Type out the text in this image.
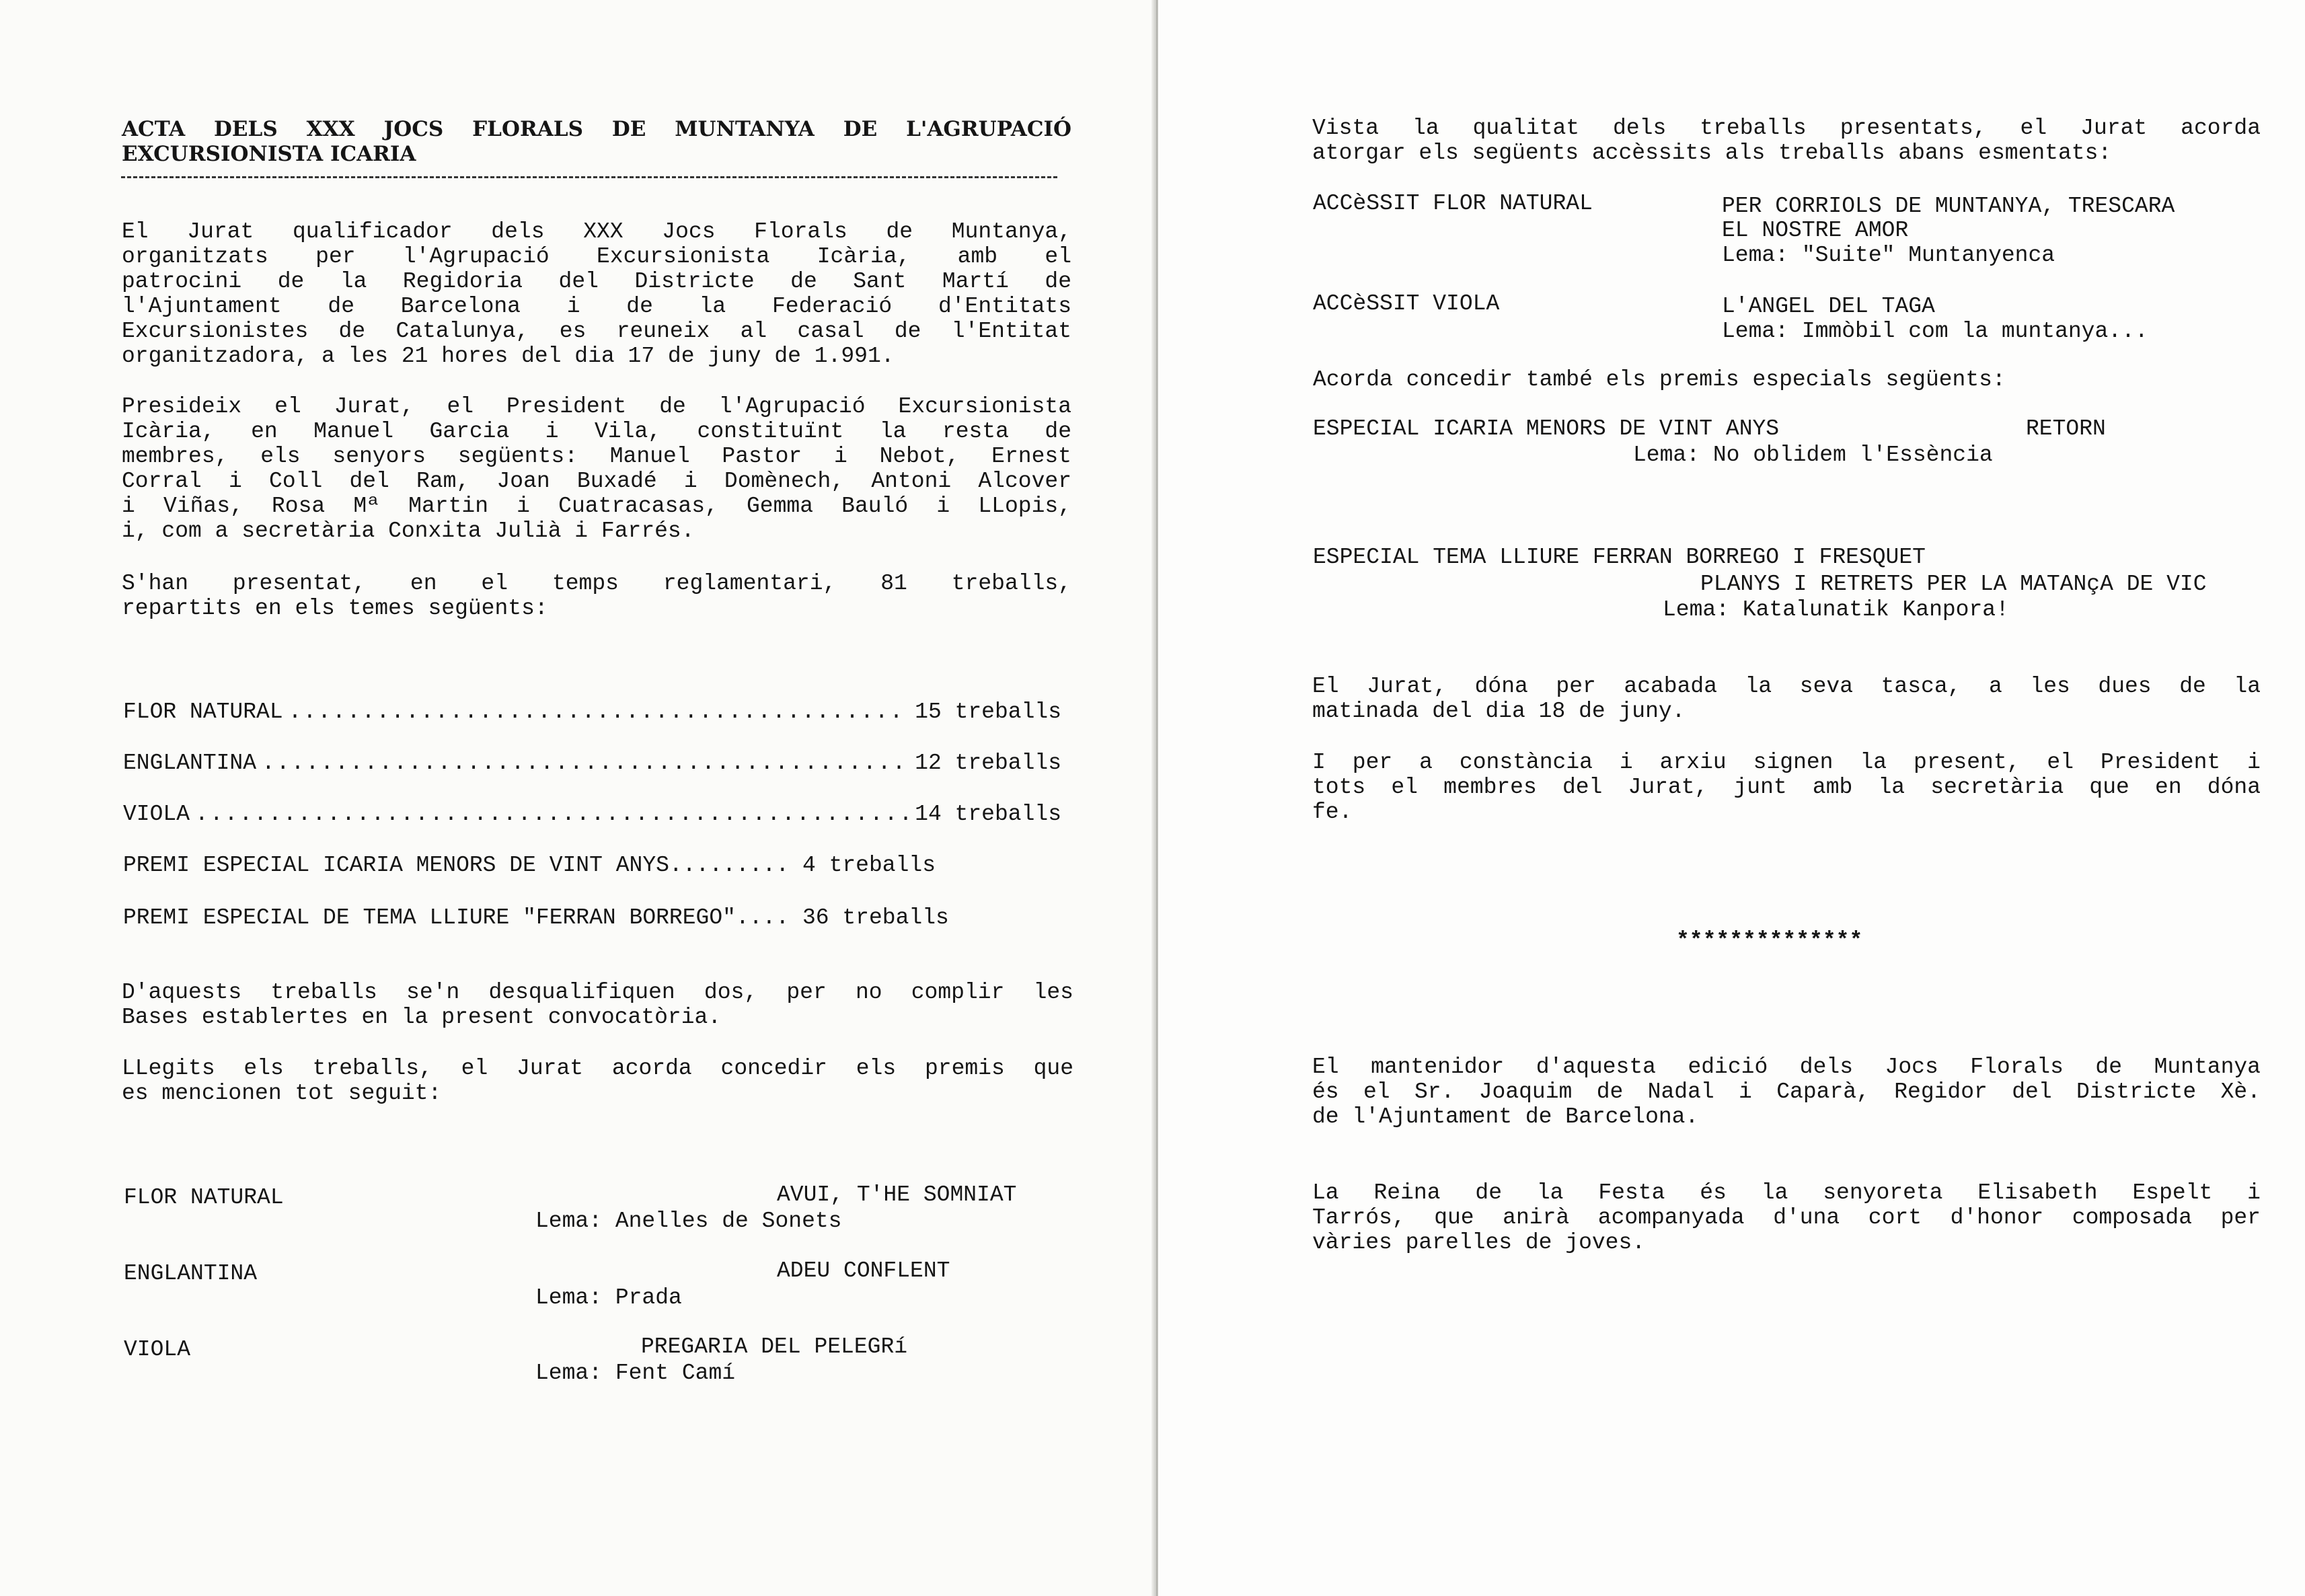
ACTA DELS XXX JOCS FLORALS DE MUNTANYA DE L'AGRUPACIÓ
EXCURSIONISTA ICARIA
El Jurat qualificador dels XXX Jocs Florals de Muntanya,
organitzats per l'Agrupació Excursionista Icària, amb el
patrocini de la Regidoria del Districte de Sant Martí de
l'Ajuntament de Barcelona i de la Federació d'Entitats
Excursionistes de Catalunya, es reuneix al casal de l'Entitat
organitzadora, a les 21 hores del dia 17 de juny de 1.991.
Presideix el Jurat, el President de l'Agrupació Excursionista
Icària, en Manuel Garcia i Vila, constituïnt la resta de
membres, els senyors següents: Manuel Pastor i Nebot, Ernest
Corral i Coll del Ram, Joan Buxadé i Domènech, Antoni Alcover
i Viñas, Rosa Mª Martin i Cuatracasas, Gemma Bauló i LLopis,
i, com a secretària Conxita Julià i Farrés.
S'han presentat, en el temps reglamentari, 81 treballs,
repartits en els temes següents:
FLOR NATURAL .....	15 treballs
ENGLANTINA .....	12 treballs
VIOLA .....	14 treballs
PREMI ESPECIAL ICARIA MENORS DE VINT ANYS......... 4 treballs
PREMI ESPECIAL DE TEMA LLIURE "FERRAN BORREGO".... 36 treballs
D'aquests treballs se'n desqualifiquen dos, per no complir les
Bases establertes en la present convocatòria.
LLegits els treballs, el Jurat acorda concedir els premis que
es mencionen tot seguit:
FLOR NATURAL	AVUI, T'HE SOMNIAT
Lema: Anelles de Sonets
ENGLANTINA	ADEU CONFLENT
Lema: Prada
VIOLA	PREGARIA DEL PELEGRí
Lema: Fent Camí
Vista la qualitat dels treballs presentats, el Jurat acorda
atorgar els següents accèssits als treballs abans esmentats:
ACCèSSIT FLOR NATURAL	PER CORRIOLS DE MUNTANYA, TRESCARA
EL NOSTRE AMOR
Lema: "Suite" Muntanyenca
ACCèSSIT VIOLA	L'ANGEL DEL TAGA
Lema: Immòbil com la muntanya...
Acorda concedir també els premis especials següents:
ESPECIAL ICARIA MENORS DE VINT ANYS	RETORN
Lema: No oblidem l'Essència
ESPECIAL TEMA LLIURE FERRAN BORREGO I FRESQUET
PLANYS I RETRETS PER LA MATANçA DE VIC
Lema: Katalunatik Kanpora!
El Jurat, dóna per acabada la seva tasca, a les dues de la
matinada del dia 18 de juny.
I per a constància i arxiu signen la present, el President i
tots el membres del Jurat, junt amb la secretària que en dóna
fe.
**************
El mantenidor d'aquesta edició dels Jocs Florals de Muntanya
és el Sr. Joaquim de Nadal i Caparà, Regidor del Districte Xè.
de l'Ajuntament de Barcelona.
La Reina de la Festa és la senyoreta Elisabeth Espelt i
Tarrós, que anirà acompanyada d'una cort d'honor composada per
vàries parelles de joves.
